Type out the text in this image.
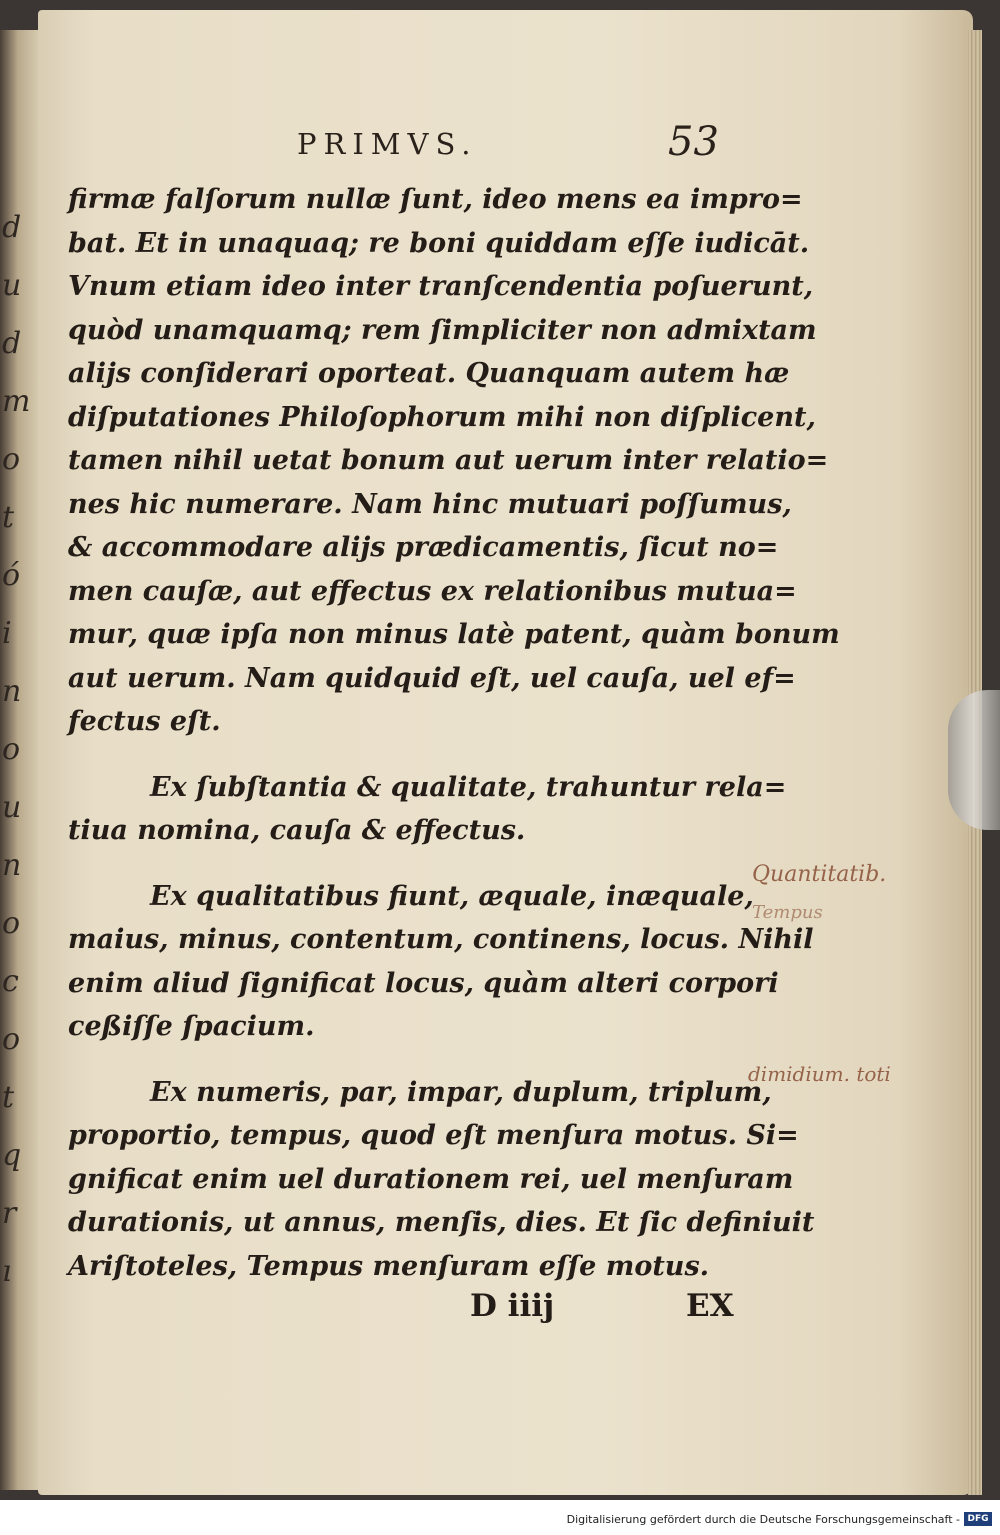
d
u
d
m
o
t
ó
i
n
o
u
n
o
c
o
t
q
r
ı
PRIMVS.	53
firmæ falſorum nullæ ſunt, ideo mens ea impro=
bat. Et in unaquaq; re boni quiddam eſſe iudicāt.
Vnum etiam ideo inter tranſcendentia poſuerunt,
quòd unamquamq; rem ſimpliciter non admixtam
alijs conſiderari oporteat. Quanquam autem hæ
diſputationes Philoſophorum mihi non diſplicent,
tamen nihil uetat bonum aut uerum inter relatio=
nes hic numerare. Nam hinc mutuari poſſumus,
& accommodare alijs prædicamentis, ſicut no=
men cauſæ, aut effectus ex relationibus mutua=
mur, quæ ipſa non minus latè patent, quàm bonum
aut uerum. Nam quidquid eſt, uel cauſa, uel ef=
fectus eſt.
Ex ſubſtantia & qualitate, trahuntur rela=
tiua nomina, cauſa & effectus.
Ex qualitatibus fiunt, æquale, inæquale,
maius, minus, contentum, continens, locus. Nihil
enim aliud ſignificat locus, quàm alteri corpori
ceßiſſe ſpacium.
Ex numeris, par, impar, duplum, triplum,
proportio, tempus, quod eſt menſura motus. Si=
gnificat enim uel durationem rei, uel menſuram
durationis, ut annus, menſis, dies. Et ſic definiuit
Ariſtoteles, Tempus menſuram eſſe motus.
D iiij	EX
Quantitatib.
Tempus
dimidium. toti
Digitalisierung gefördert durch die Deutsche Forschungsgemeinschaft - DFG
